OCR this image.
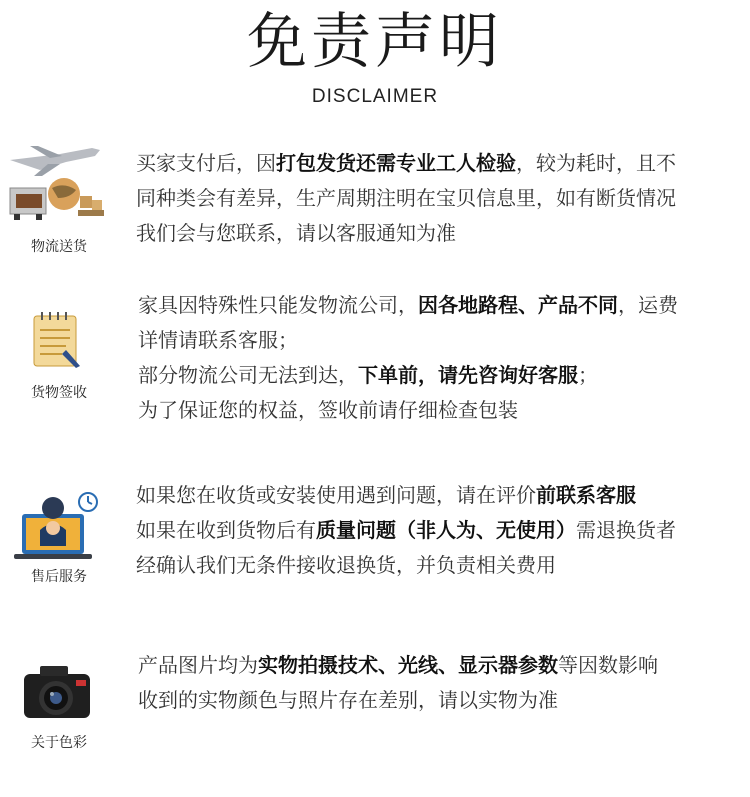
免责声明
DISCLAIMER
物流送货
买家支付后，因打包发货还需专业工人检验，较为耗时，且不
同种类会有差异，生产周期注明在宝贝信息里，如有断货情况
我们会与您联系，请以客服通知为准
货物签收
家具因特殊性只能发物流公司，因各地路程、产品不同，运费
详情请联系客服；
部分物流公司无法到达，下单前，请先咨询好客服；
为了保证您的权益，签收前请仔细检查包装
售后服务
如果您在收货或安装使用遇到问题，请在评价前联系客服
如果在收到货物后有质量问题（非人为、无使用）需退换货者
经确认我们无条件接收退换货，并负责相关费用
关于色彩
产品图片均为实物拍摄技术、光线、显示器参数等因数影响
收到的实物颜色与照片存在差别，请以实物为准
